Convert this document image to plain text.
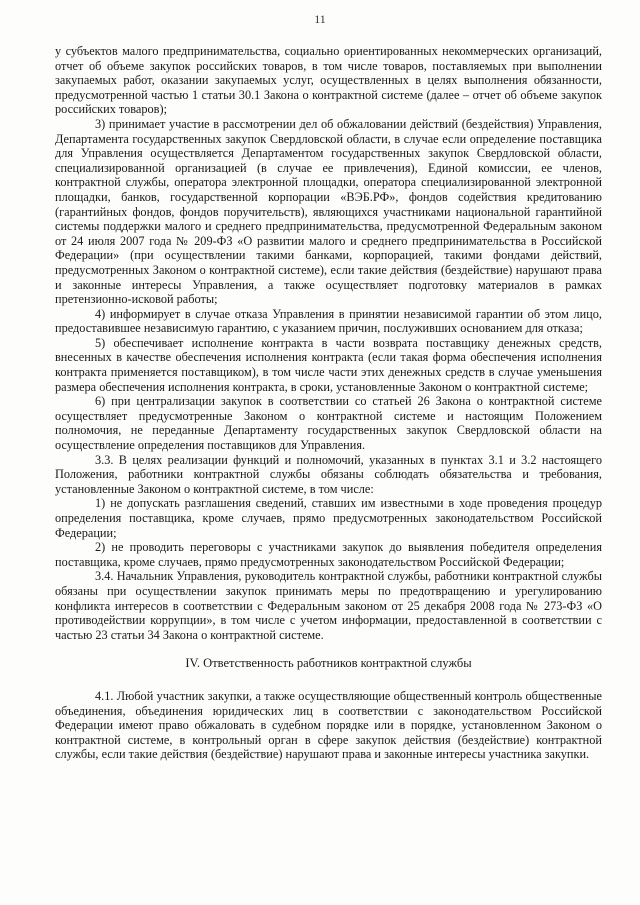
11

у субъектов малого предпринимательства, социально ориентированных некоммерческих организаций, отчет об объеме закупок российских товаров, в том числе товаров, поставляемых при выполнении закупаемых работ, оказании закупаемых услуг, осуществленных в целях выполнения обязанности, предусмотренной частью 1 статьи 30.1 Закона о контрактной системе (далее – отчет об объеме закупок российских товаров);

3) принимает участие в рассмотрении дел об обжаловании действий (бездействия) Управления, Департамента государственных закупок Свердловской области, в случае если определение поставщика для Управления осуществляется Департаментом государственных закупок Свердловской области, специализированной организацией (в случае ее привлечения), Единой комиссии, ее членов, контрактной службы, оператора электронной площадки, оператора специализированной электронной площадки, банков, государственной корпорации «ВЭБ.РФ», фондов содействия кредитованию (гарантийных фондов, фондов поручительств), являющихся участниками национальной гарантийной системы поддержки малого и среднего предпринимательства, предусмотренной Федеральным законом от 24 июля 2007 года № 209-ФЗ «О развитии малого и среднего предпринимательства в Российской Федерации» (при осуществлении такими банками, корпорацией, такими фондами действий, предусмотренных Законом о контрактной системе), если такие действия (бездействие) нарушают права и законные интересы Управления, а также осуществляет подготовку материалов в рамках претензионно-исковой работы;

4) информирует в случае отказа Управления в принятии независимой гарантии об этом лицо, предоставившее независимую гарантию, с указанием причин, послуживших основанием для отказа;

5) обеспечивает исполнение контракта в части возврата поставщику денежных средств, внесенных в качестве обеспечения исполнения контракта (если такая форма обеспечения исполнения контракта применяется поставщиком), в том числе части этих денежных средств в случае уменьшения размера обеспечения исполнения контракта, в сроки, установленные Законом о контрактной системе;

6) при централизации закупок в соответствии со статьей 26 Закона о контрактной системе осуществляет предусмотренные Законом о контрактной системе и настоящим Положением полномочия, не переданные Департаменту государственных закупок Свердловской области на осуществление определения поставщиков для Управления.

3.3. В целях реализации функций и полномочий, указанных в пунктах 3.1 и 3.2 настоящего Положения, работники контрактной службы обязаны соблюдать обязательства и требования, установленные Законом о контрактной системе, в том числе:

1) не допускать разглашения сведений, ставших им известными в ходе проведения процедур определения поставщика, кроме случаев, прямо предусмотренных законодательством Российской Федерации;

2) не проводить переговоры с участниками закупок до выявления победителя определения поставщика, кроме случаев, прямо предусмотренных законодательством Российской Федерации;

3.4. Начальник Управления, руководитель контрактной службы, работники контрактной службы обязаны при осуществлении закупок принимать меры по предотвращению и урегулированию конфликта интересов в соответствии с Федеральным законом от 25 декабря 2008 года № 273-ФЗ «О противодействии коррупции», в том числе с учетом информации, предоставленной в соответствии с частью 23 статьи 34 Закона о контрактной системе.

IV. Ответственность работников контрактной службы

4.1. Любой участник закупки, а также осуществляющие общественный контроль общественные объединения, объединения юридических лиц в соответствии с законодательством Российской Федерации имеют право обжаловать в судебном порядке или в порядке, установленном Законом о контрактной системе, в контрольный орган в сфере закупок действия (бездействие) контрактной службы, если такие действия (бездействие) нарушают права и законные интересы участника закупки.
